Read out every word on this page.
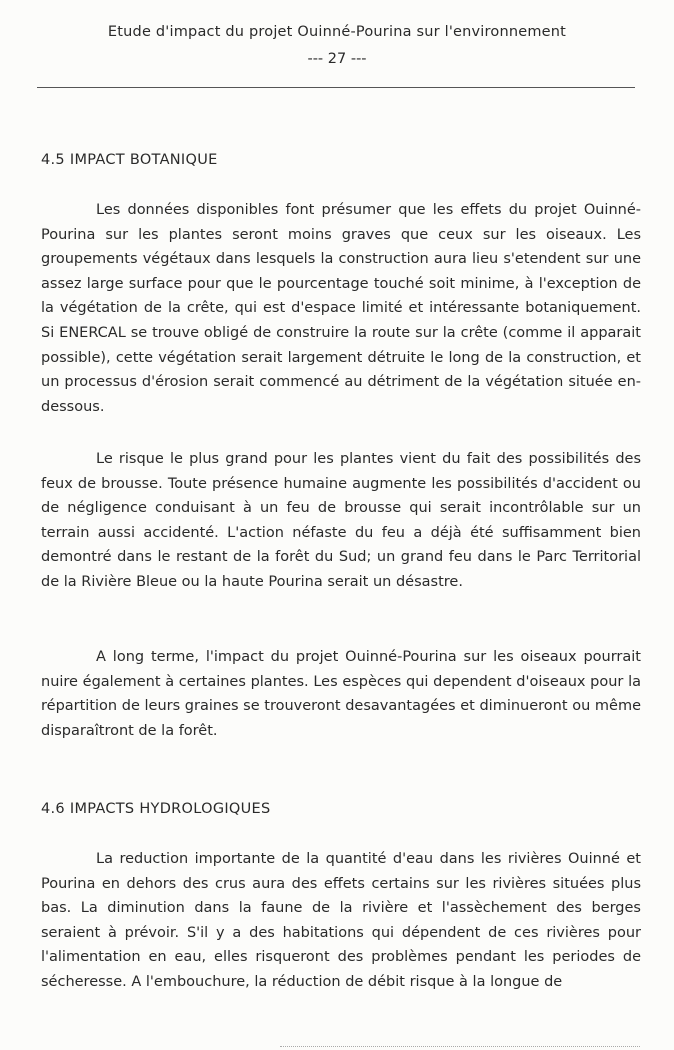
Etude d'impact du projet Ouinné-Pourina sur l'environnement
--- 27 ---
4.5 IMPACT BOTANIQUE

Les données disponibles font présumer que les effets du projet Ouinné-Pourina sur les plantes seront moins graves que ceux sur les oiseaux. Les groupements végétaux dans lesquels la construction aura lieu s'etendent sur une assez large surface pour que le pourcentage touché soit minime, à l'exception de la végétation de la crête, qui est d'espace limité et intéressante botaniquement. Si ENERCAL se trouve obligé de construire la route sur la crête (comme il apparait possible), cette végétation serait largement détruite le long de la construction, et un processus d'érosion serait commencé au détriment de la végétation située en-dessous.

Le risque le plus grand pour les plantes vient du fait des possibilités des feux de brousse. Toute présence humaine augmente les possibilités d'accident ou de négligence conduisant à un feu de brousse qui serait incontrôlable sur un terrain aussi accidenté. L'action néfaste du feu a déjà été suffisamment bien demontré dans le restant de la forêt du Sud; un grand feu dans le Parc Territorial de la Rivière Bleue ou la haute Pourina serait un désastre.

A long terme, l'impact du projet Ouinné-Pourina sur les oiseaux pourrait nuire également à certaines plantes. Les espèces qui dependent d'oiseaux pour la répartition de leurs graines se trouveront desavantagées et diminueront ou même disparaîtront de la forêt.

4.6 IMPACTS HYDROLOGIQUES

La reduction importante de la quantité d'eau dans les rivières Ouinné et Pourina en dehors des crus aura des effets certains sur les rivières situées plus bas. La diminution dans la faune de la rivière et l'assèchement des berges seraient à prévoir. S'il y a des habitations qui dépendent de ces rivières pour l'alimentation en eau, elles risqueront des problèmes pendant les periodes de sécheresse. A l'embouchure, la réduction de débit risque à la longue de
